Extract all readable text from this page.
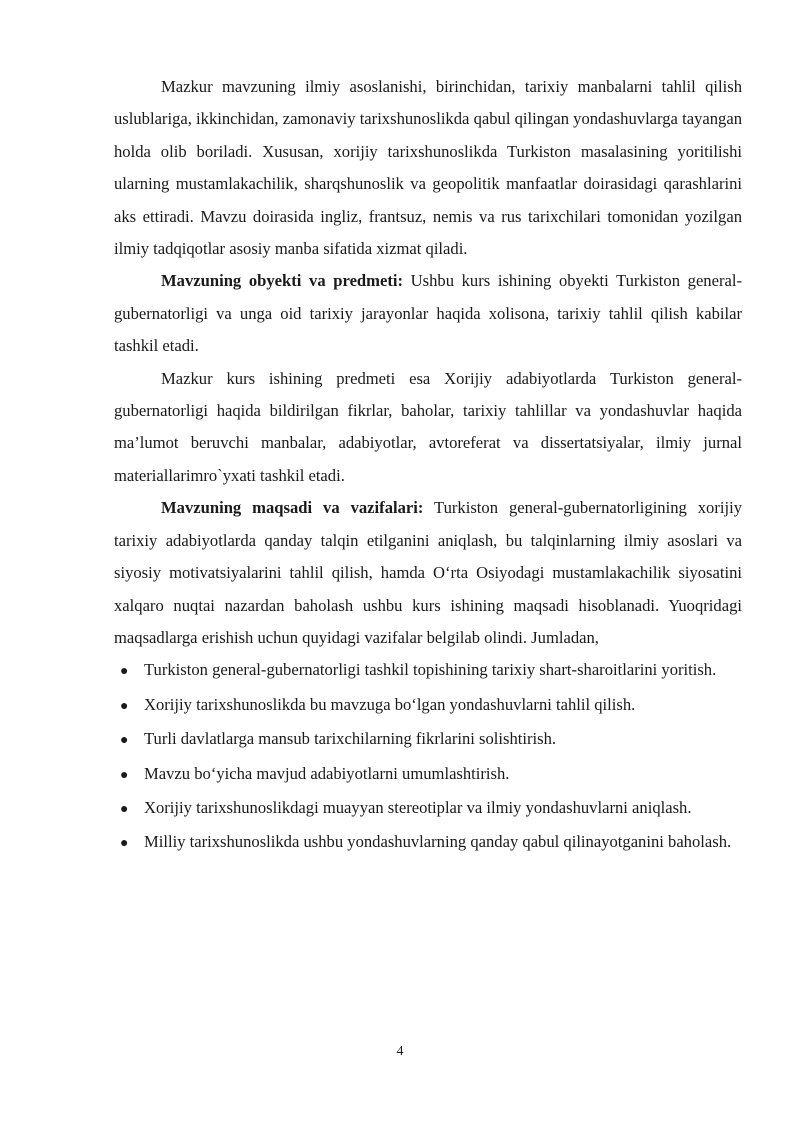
Mazkur mavzuning ilmiy asoslanishi, birinchidan, tarixiy manbalarni tahlil qilish uslublariga, ikkinchidan, zamonaviy tarixshunoslikda qabul qilingan yondashuvlarga tayangan holda olib boriladi. Xususan, xorijiy tarixshunoslikda Turkiston masalasining yoritilishi ularning mustamlakachilik, sharqshunoslik va geopolitik manfaatlar doirasidagi qarashlarini aks ettiradi. Mavzu doirasida ingliz, frantsuz, nemis va rus tarixchilari tomonidan yozilgan ilmiy tadqiqotlar asosiy manba sifatida xizmat qiladi.

Mavzuning obyekti va predmeti: Ushbu kurs ishining obyekti Turkiston general-gubernatorligi va unga oid tarixiy jarayonlar haqida xolisona, tarixiy tahlil qilish kabilar tashkil etadi.

Mazkur kurs ishining predmeti esa Xorijiy adabiyotlarda Turkiston general-gubernatorligi haqida bildirilgan fikrlar, baholar, tarixiy tahlillar va yondashuvlar haqida ma’lumot beruvchi manbalar, adabiyotlar, avtoreferat va dissertatsiyalar, ilmiy jurnal materiallarimro`yxati tashkil etadi.

Mavzuning maqsadi va vazifalari: Turkiston general-gubernatorligining xorijiy tarixiy adabiyotlarda qanday talqin etilganini aniqlash, bu talqinlarning ilmiy asoslari va siyosiy motivatsiyalarini tahlil qilish, hamda O‘rta Osiyodagi mustamlakachilik siyosatini xalqaro nuqtai nazardan baholash ushbu kurs ishining maqsadi hisoblanadi. Yuoqridagi maqsadlarga erishish uchun quyidagi vazifalar belgilab olindi. Jumladan,

● Turkiston general-gubernatorligi tashkil topishining tarixiy shart-sharoitlarini yoritish.
● Xorijiy tarixshunoslikda bu mavzuga bo‘lgan yondashuvlarni tahlil qilish.
● Turli davlatlarga mansub tarixchilarning fikrlarini solishtirish.
● Mavzu bo‘yicha mavjud adabiyotlarni umumlashtirish.
● Xorijiy tarixshunoslikdagi muayyan stereotiplar va ilmiy yondashuvlarni aniqlash.
● Milliy tarixshunoslikda ushbu yondashuvlarning qanday qabul qilinayotganini baholash.
4
